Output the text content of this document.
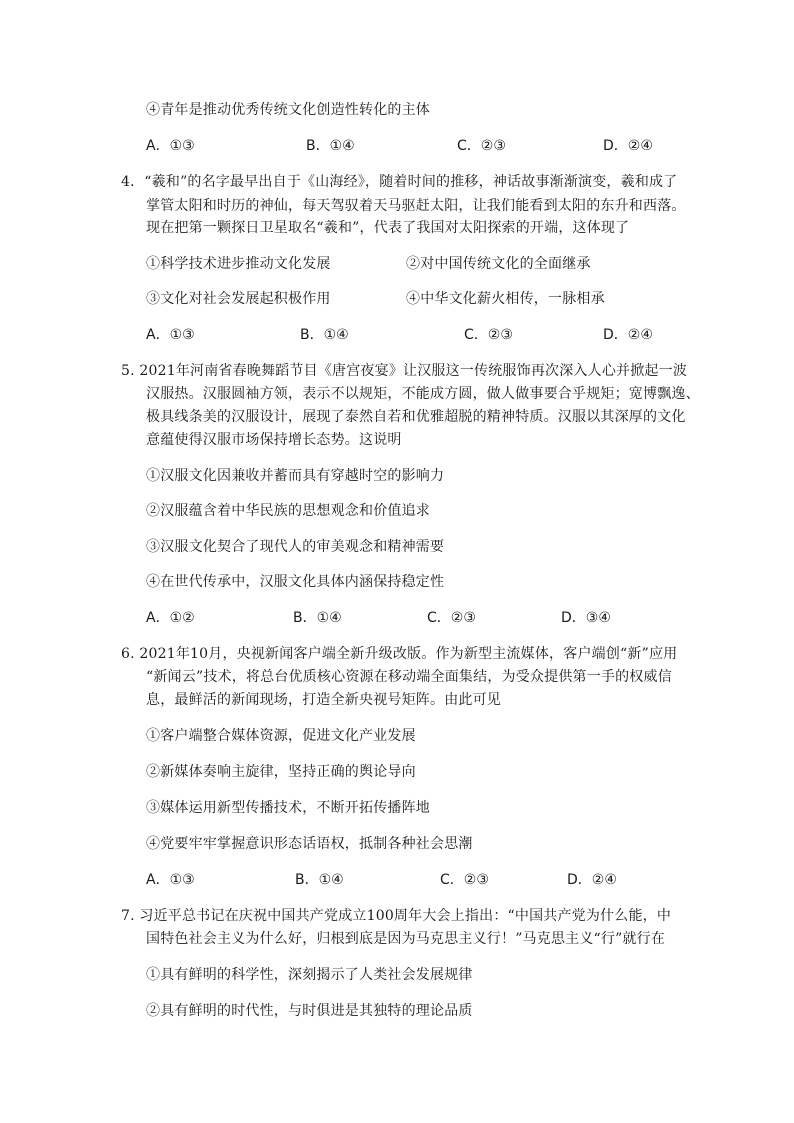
④青年是推动优秀传统文化创造性转化的主体
A．①③	B．①④	C．②③	D．②④
4．“羲和”的名字最早出自于《山海经》，随着时间的推移，神话故事渐渐演变，羲和成了
掌管太阳和时历的神仙，每天驾驭着天马驱赶太阳，让我们能看到太阳的东升和西落。
现在把第一颗探日卫星取名“羲和”，代表了我国对太阳探索的开端，这体现了
①科学技术进步推动文化发展	②对中国传统文化的全面继承
③文化对社会发展起积极作用	④中华文化薪火相传，一脉相承
A．①③	B．①④	C．②③	D．②④
5. 2021年河南省春晚舞蹈节目《唐宫夜宴》让汉服这一传统服饰再次深入人心并掀起一波
汉服热。汉服圆袖方领，表示不以规矩，不能成方圆，做人做事要合乎规矩；宽博飘逸、
极具线条美的汉服设计，展现了泰然自若和优雅超脱的精神特质。汉服以其深厚的文化
意蕴使得汉服市场保持增长态势。这说明
①汉服文化因兼收并蓄而具有穿越时空的影响力
②汉服蕴含着中华民族的思想观念和价值追求
③汉服文化契合了现代人的审美观念和精神需要
④在世代传承中，汉服文化具体内涵保持稳定性
A．①②	B．①④	C．②③	D．③④
6. 2021年10月，央视新闻客户端全新升级改版。作为新型主流媒体，客户端创“新”应用
“新闻云”技术，将总台优质核心资源在移动端全面集结，为受众提供第一手的权威信
息，最鲜活的新闻现场，打造全新央视号矩阵。由此可见
①客户端整合媒体资源，促进文化产业发展
②新媒体奏响主旋律，坚持正确的舆论导向
③媒体运用新型传播技术，不断开拓传播阵地
④党要牢牢掌握意识形态话语权，抵制各种社会思潮
A．①③	B．①④	C．②③	D．②④
7. 习近平总书记在庆祝中国共产党成立100周年大会上指出：“中国共产党为什么能，中
国特色社会主义为什么好，归根到底是因为马克思主义行！”马克思主义“行”就行在
①具有鲜明的科学性，深刻揭示了人类社会发展规律
②具有鲜明的时代性，与时俱进是其独特的理论品质
